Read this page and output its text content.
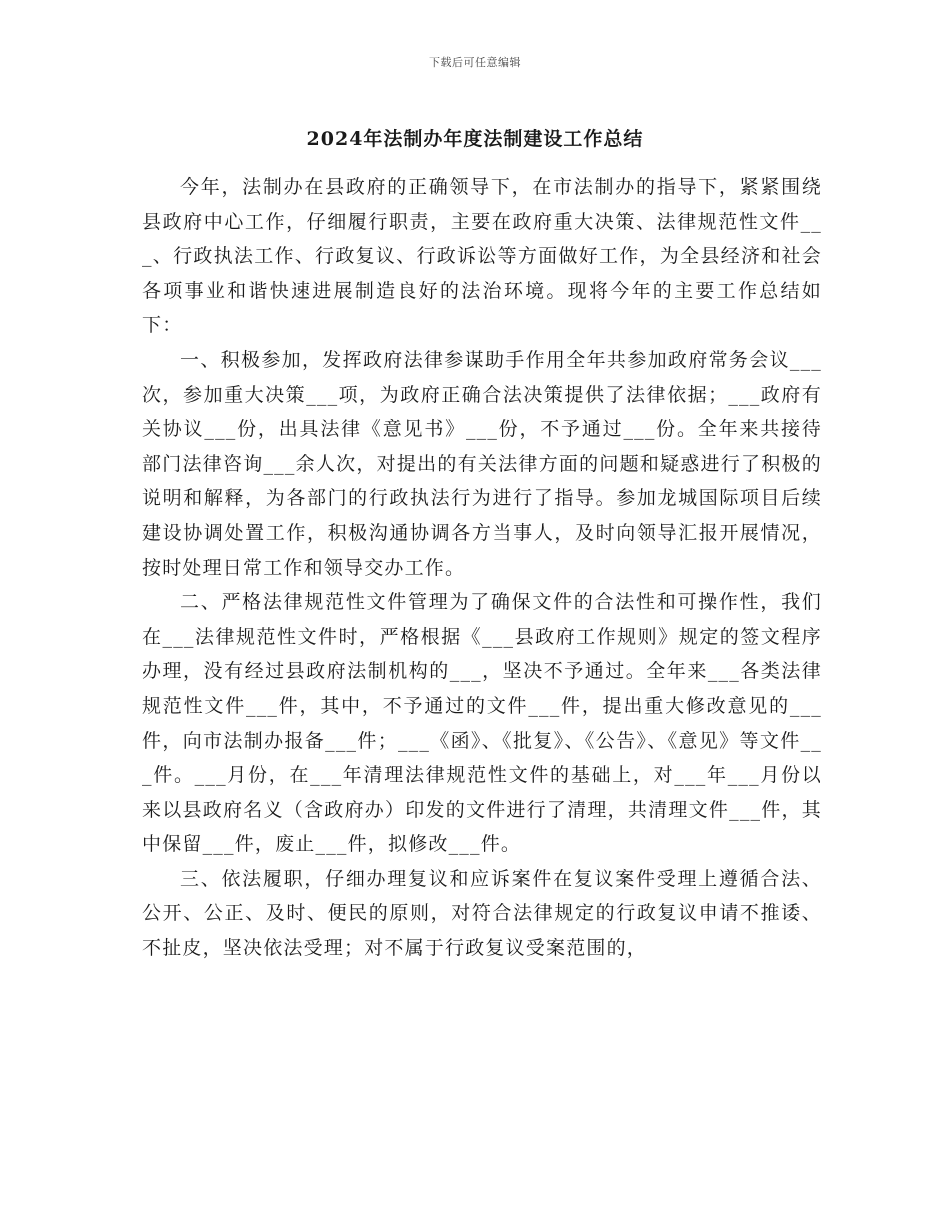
下载后可任意编辑
2024年法制办年度法制建设工作总结

今年，法制办在县政府的正确领导下，在市法制办的指导下，紧紧围绕县政府中心工作，仔细履行职责，主要在政府重大决策、法律规范性文件___、行政执法工作、行政复议、行政诉讼等方面做好工作，为全县经济和社会各项事业和谐快速进展制造良好的法治环境。现将今年的主要工作总结如下：

一、积极参加，发挥政府法律参谋助手作用全年共参加政府常务会议___次，参加重大决策___项，为政府正确合法决策提供了法律依据；___政府有关协议___份，出具法律《意见书》___份，不予通过___份。全年来共接待部门法律咨询___余人次，对提出的有关法律方面的问题和疑惑进行了积极的说明和解释，为各部门的行政执法行为进行了指导。参加龙城国际项目后续建设协调处置工作，积极沟通协调各方当事人，及时向领导汇报开展情况，按时处理日常工作和领导交办工作。

二、严格法律规范性文件管理为了确保文件的合法性和可操作性，我们在___法律规范性文件时，严格根据《___县政府工作规则》规定的签文程序办理，没有经过县政府法制机构的___，坚决不予通过。全年来___各类法律规范性文件___件，其中，不予通过的文件___件，提出重大修改意见的___件，向市法制办报备___件；___《函》、《批复》、《公告》、《意见》等文件___件。___月份，在___年清理法律规范性文件的基础上，对___年___月份以来以县政府名义（含政府办）印发的文件进行了清理，共清理文件___件，其中保留___件，废止___件，拟修改___件。

三、依法履职，仔细办理复议和应诉案件在复议案件受理上遵循合法、公开、公正、及时、便民的原则，对符合法律规定的行政复议申请不推诿、不扯皮，坚决依法受理；对不属于行政复议受案范围的，
